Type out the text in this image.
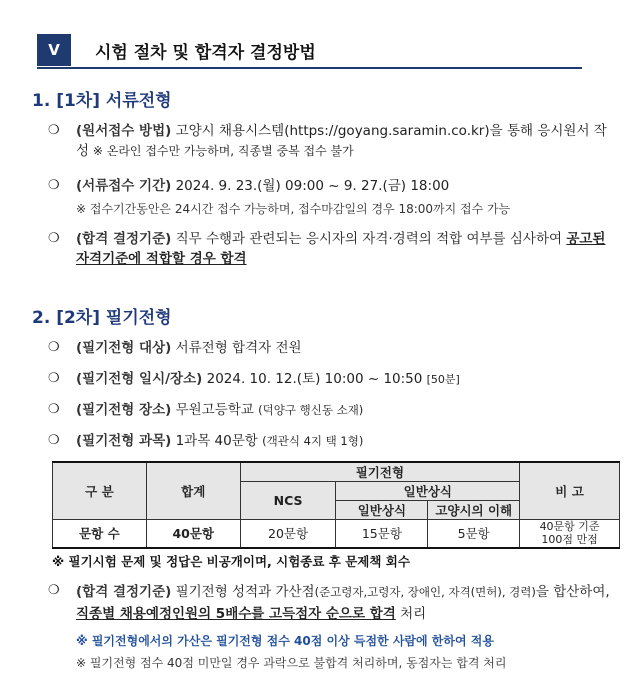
Ⅴ	시험 절차 및 합격자 결정방법
1. [1차] 서류전형
❍	(원서접수 방법) 고양시 채용시스템(https://goyang.saramin.co.kr)을 통해 응시원서 작성 ※ 온라인 접수만 가능하며, 직종별 중복 접수 불가
❍	(서류접수 기간) 2024. 9. 23.(월) 09:00 ~ 9. 27.(금) 18:00
※ 접수기간동안은 24시간 접수 가능하며, 접수마감일의 경우 18:00까지 접수 가능
❍	(합격 결정기준) 직무 수행과 관련되는 응시자의 자격·경력의 적합 여부를 심사하여 공고된 자격기준에 적합할 경우 합격
2. [2차] 필기전형
❍	(필기전형 대상) 서류전형 합격자 전원
❍	(필기전형 일시/장소) 2024. 10. 12.(토) 10:00 ~ 10:50 [50분]
❍	(필기전형 장소) 무원고등학교 (덕양구 행신동 소재)
❍	(필기전형 과목) 1과목 40문항 (객관식 4지 택 1형)
구 분	합계	필기전형			비 고
		NCS	일반상식		
			일반상식	고양시의 이해	
문항 수	40문항	20문항	15문항	5문항	40문항 기준
100점 만점
※ 필기시험 문제 및 정답은 비공개이며, 시험종료 후 문제책 회수
❍	(합격 결정기준) 필기전형 성적과 가산점(준고령자,고령자, 장애인, 자격(면허), 경력)을 합산하여, 직종별 채용예정인원의 5배수를 고득점자 순으로 합격 처리
※ 필기전형에서의 가산은 필기전형 점수 40점 이상 득점한 사람에 한하여 적용
※ 필기전형 점수 40점 미만일 경우 과락으로 불합격 처리하며, 동점자는 합격 처리
